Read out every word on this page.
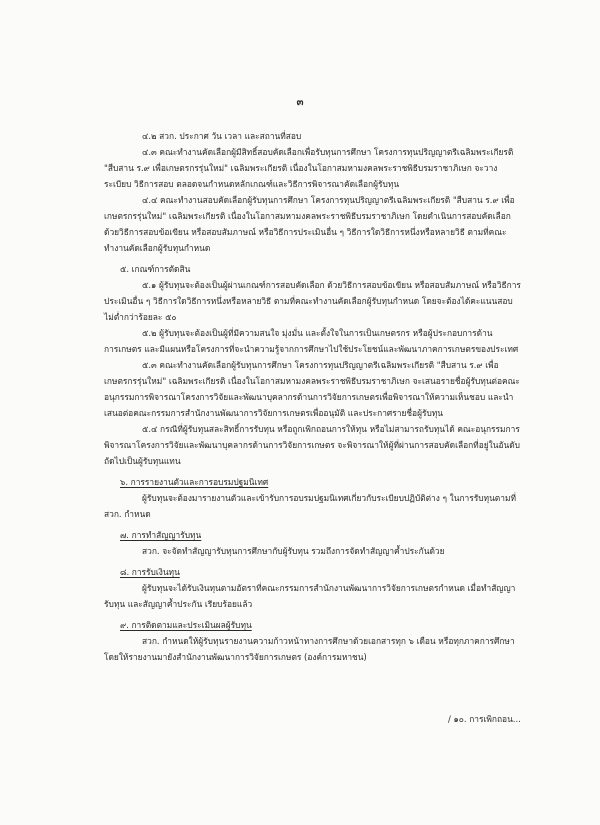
๓

๔.๒ สวก. ประกาศ วัน เวลา และสถานที่สอบ

๔.๓ คณะทำงานคัดเลือกผู้มีสิทธิ์สอบคัดเลือกเพื่อรับทุนการศึกษา โครงการทุนปริญญาตรีเฉลิมพระเกียรติ "สืบสาน ร.๙ เพื่อเกษตรกรรุ่นใหม่" เฉลิมพระเกียรติ เนื่องในโอกาสมหามงคลพระราชพิธีบรมราชาภิเษก จะวางระเบียบ วิธีการสอบ ตลอดจนกำหนดหลักเกณฑ์และวิธีการพิจารณาคัดเลือกผู้รับทุน

๔.๔ คณะทำงานสอบคัดเลือกผู้รับทุนการศึกษา โครงการทุนปริญญาตรีเฉลิมพระเกียรติ "สืบสาน ร.๙ เพื่อเกษตรกรรุ่นใหม่" เฉลิมพระเกียรติ เนื่องในโอกาสมหามงคลพระราชพิธีบรมราชาภิเษก โดยดำเนินการสอบคัดเลือก ด้วยวิธีการสอบข้อเขียน หรือสอบสัมภาษณ์ หรือวิธีการประเมินอื่น ๆ วิธีการใดวิธีการหนึ่งหรือหลายวิธี ตามที่คณะทำงานคัดเลือกผู้รับทุนกำหนด

๕. เกณฑ์การตัดสิน

๕.๑ ผู้รับทุนจะต้องเป็นผู้ผ่านเกณฑ์การสอบคัดเลือก ด้วยวิธีการสอบข้อเขียน หรือสอบสัมภาษณ์ หรือวิธีการประเมินอื่น ๆ วิธีการใดวิธีการหนึ่งหรือหลายวิธี ตามที่คณะทำงานคัดเลือกผู้รับทุนกำหนด โดยจะต้องได้คะแนนสอบไม่ต่ำกว่าร้อยละ ๕๐

๕.๒ ผู้รับทุนจะต้องเป็นผู้ที่มีความสนใจ มุ่งมั่น และตั้งใจในการเป็นเกษตรกร หรือผู้ประกอบการด้านการเกษตร และมีแผนหรือโครงการที่จะนำความรู้จากการศึกษาไปใช้ประโยชน์และพัฒนาภาคการเกษตรของประเทศ

๕.๓ คณะทำงานคัดเลือกผู้รับทุนการศึกษา โครงการทุนปริญญาตรีเฉลิมพระเกียรติ "สืบสาน ร.๙ เพื่อเกษตรกรรุ่นใหม่" เฉลิมพระเกียรติ เนื่องในโอกาสมหามงคลพระราชพิธีบรมราชาภิเษก จะเสนอรายชื่อผู้รับทุนต่อคณะอนุกรรมการพิจารณาโครงการวิจัยและพัฒนาบุคลากรด้านการวิจัยการเกษตรเพื่อพิจารณาให้ความเห็นชอบ และนำเสนอต่อคณะกรรมการสำนักงานพัฒนาการวิจัยการเกษตรเพื่ออนุมัติ และประกาศรายชื่อผู้รับทุน

๕.๔ กรณีที่ผู้รับทุนสละสิทธิ์การรับทุน หรือถูกเพิกถอนการให้ทุน หรือไม่สามารถรับทุนได้ คณะอนุกรรมการพิจารณาโครงการวิจัยและพัฒนาบุคลากรด้านการวิจัยการเกษตร จะพิจารณาให้ผู้ที่ผ่านการสอบคัดเลือกที่อยู่ในอันดับถัดไปเป็นผู้รับทุนแทน

๖. การรายงานตัวและการอบรมปฐมนิเทศ

ผู้รับทุนจะต้องมารายงานตัวและเข้ารับการอบรมปฐมนิเทศเกี่ยวกับระเบียบปฏิบัติต่าง ๆ ในการรับทุนตามที่ สวก. กำหนด

๗. การทำสัญญารับทุน

สวก. จะจัดทำสัญญารับทุนการศึกษากับผู้รับทุน รวมถึงการจัดทำสัญญาค้ำประกันด้วย

๘. การรับเงินทุน

ผู้รับทุนจะได้รับเงินทุนตามอัตราที่คณะกรรมการสำนักงานพัฒนาการวิจัยการเกษตรกำหนด เมื่อทำสัญญารับทุน และสัญญาค้ำประกัน เรียบร้อยแล้ว

๙. การติดตามและประเมินผลผู้รับทุน

สวก. กำหนดให้ผู้รับทุนรายงานความก้าวหน้าทางการศึกษาด้วยเอกสารทุก ๖ เดือน หรือทุกภาคการศึกษา โดยให้รายงานมายังสำนักงานพัฒนาการวิจัยการเกษตร (องค์การมหาชน)

/ ๑๐. การเพิกถอน...
